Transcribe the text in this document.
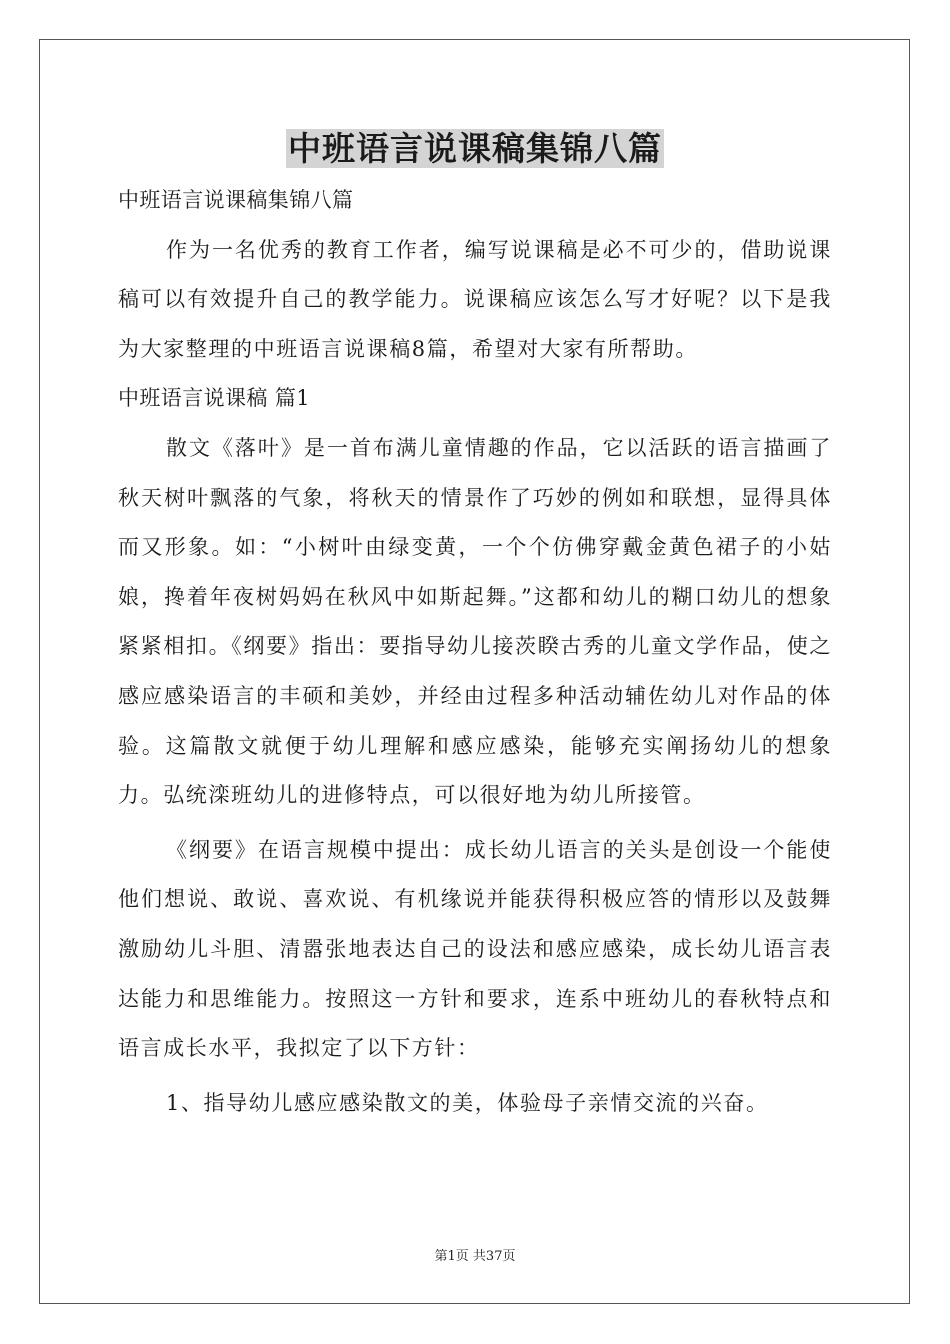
中班语言说课稿集锦八篇

中班语言说课稿集锦八篇

作为一名优秀的教育工作者，编写说课稿是必不可少的，借助说课稿可以有效提升自己的教学能力。说课稿应该怎么写才好呢？以下是我为大家整理的中班语言说课稿8篇，希望对大家有所帮助。

中班语言说课稿 篇1

散文《落叶》是一首布满儿童情趣的作品，它以活跃的语言描画了秋天树叶飘落的气象，将秋天的情景作了巧妙的例如和联想，显得具体而又形象。如：“小树叶由绿变黄，一个个仿佛穿戴金黄色裙子的小姑娘，搀着年夜树妈妈在秋风中如斯起舞。”这都和幼儿的糊口幼儿的想象紧紧相扣。《纲要》指出：要指导幼儿接茨睽古秀的儿童文学作品，使之感应感染语言的丰硕和美妙，并经由过程多种活动辅佐幼儿对作品的体验。这篇散文就便于幼儿理解和感应感染，能够充实阐扬幼儿的想象力。弘统滦班幼儿的进修特点，可以很好地为幼儿所接管。

《纲要》在语言规模中提出：成长幼儿语言的关头是创设一个能使他们想说、敢说、喜欢说、有机缘说并能获得积极应答的情形以及鼓舞激励幼儿斗胆、清嚣张地表达自己的设法和感应感染，成长幼儿语言表达能力和思维能力。按照这一方针和要求，连系中班幼儿的春秋特点和语言成长水平，我拟定了以下方针：

1、指导幼儿感应感染散文的美，体验母子亲情交流的兴奋。

第1页 共37页
